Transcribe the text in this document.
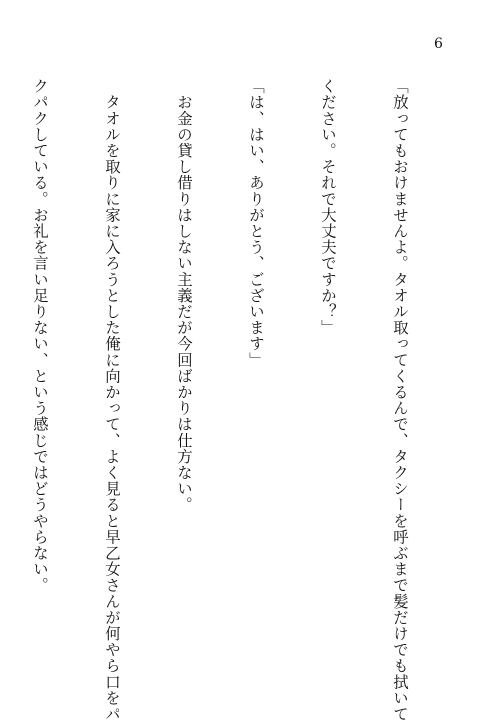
6

「放ってもおけませんよ。タオル取ってくるんで、タクシーを呼ぶまで髪だけでも拭いて

ください。それで大丈夫ですか？」

「は、はい、ありがとう、ございます」

　お金の貸し借りはしない主義だが今回ばかりは仕方ない。

　タオルを取りに家に入ろうとした俺に向かって、よく見ると早乙女さんが何やら口をパ

クパクしている。お礼を言い足りない、という感じではどうやらない。
